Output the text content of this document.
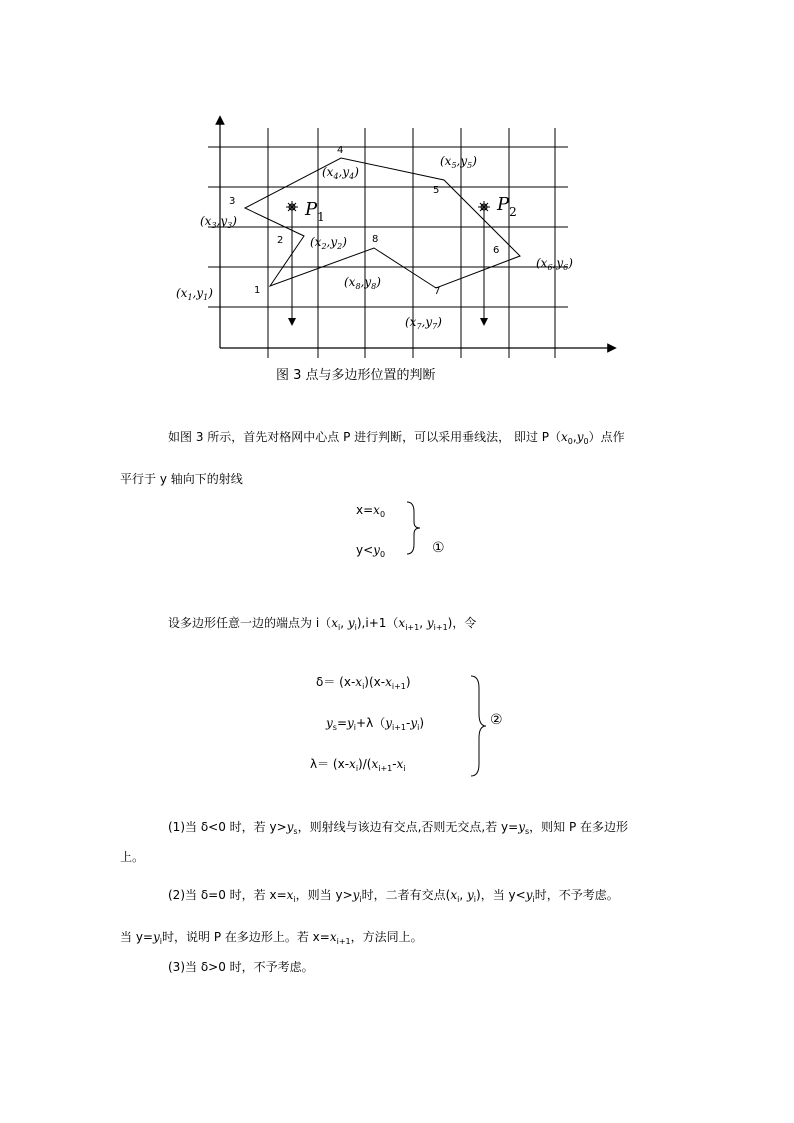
1
2
3
4
5
6
7
8
$P_1$
$P_2$
$(x_1,y_1)$
$(x_2,y_2)$
$(x_3,y_3)$
$(x_4,y_4)$
$(x_5,y_5)$
$(x_6,y_6)$
$(x_7,y_7)$
$(x_8,y_8)$
图 3 点与多边形位置的判断
如图 3 所示，首先对格网中心点 P 进行判断，可以采用垂线法， 即过 $P(x_0,y_0)$点作
平行于 y 轴向下的射线
$x=x_0$
$y<y_0$	①
设多边形任意一边的端点为 $i(x_i$, $y_i),i+1(x_{i+1}$, $y_{i+1}$)，令
$\delta= (x-x_i)(x-x_{i+1})$
$y_s=y_i+\lambda(y_{i+1}-y_i)$
$\lambda= (x-x_i)/(x_{i+1}-x_i$
②
(1)当 δ<0 时，若 $y>y_s$，则射线与该边有交点,否则无交点,若 $y=y_s$，则知 P 在多边形
上。
(2)当 δ=0 时，若 $x=x_i$，则当 $y>y_i$时，二者有交点($x_i$, $y_i$)，当 $y<y_i$时，不予考虑。
当 $y=y_i$时，说明 P 在多边形上。若 $x=x_{i+1}$，方法同上。
(3)当 δ>0 时，不予考虑。
